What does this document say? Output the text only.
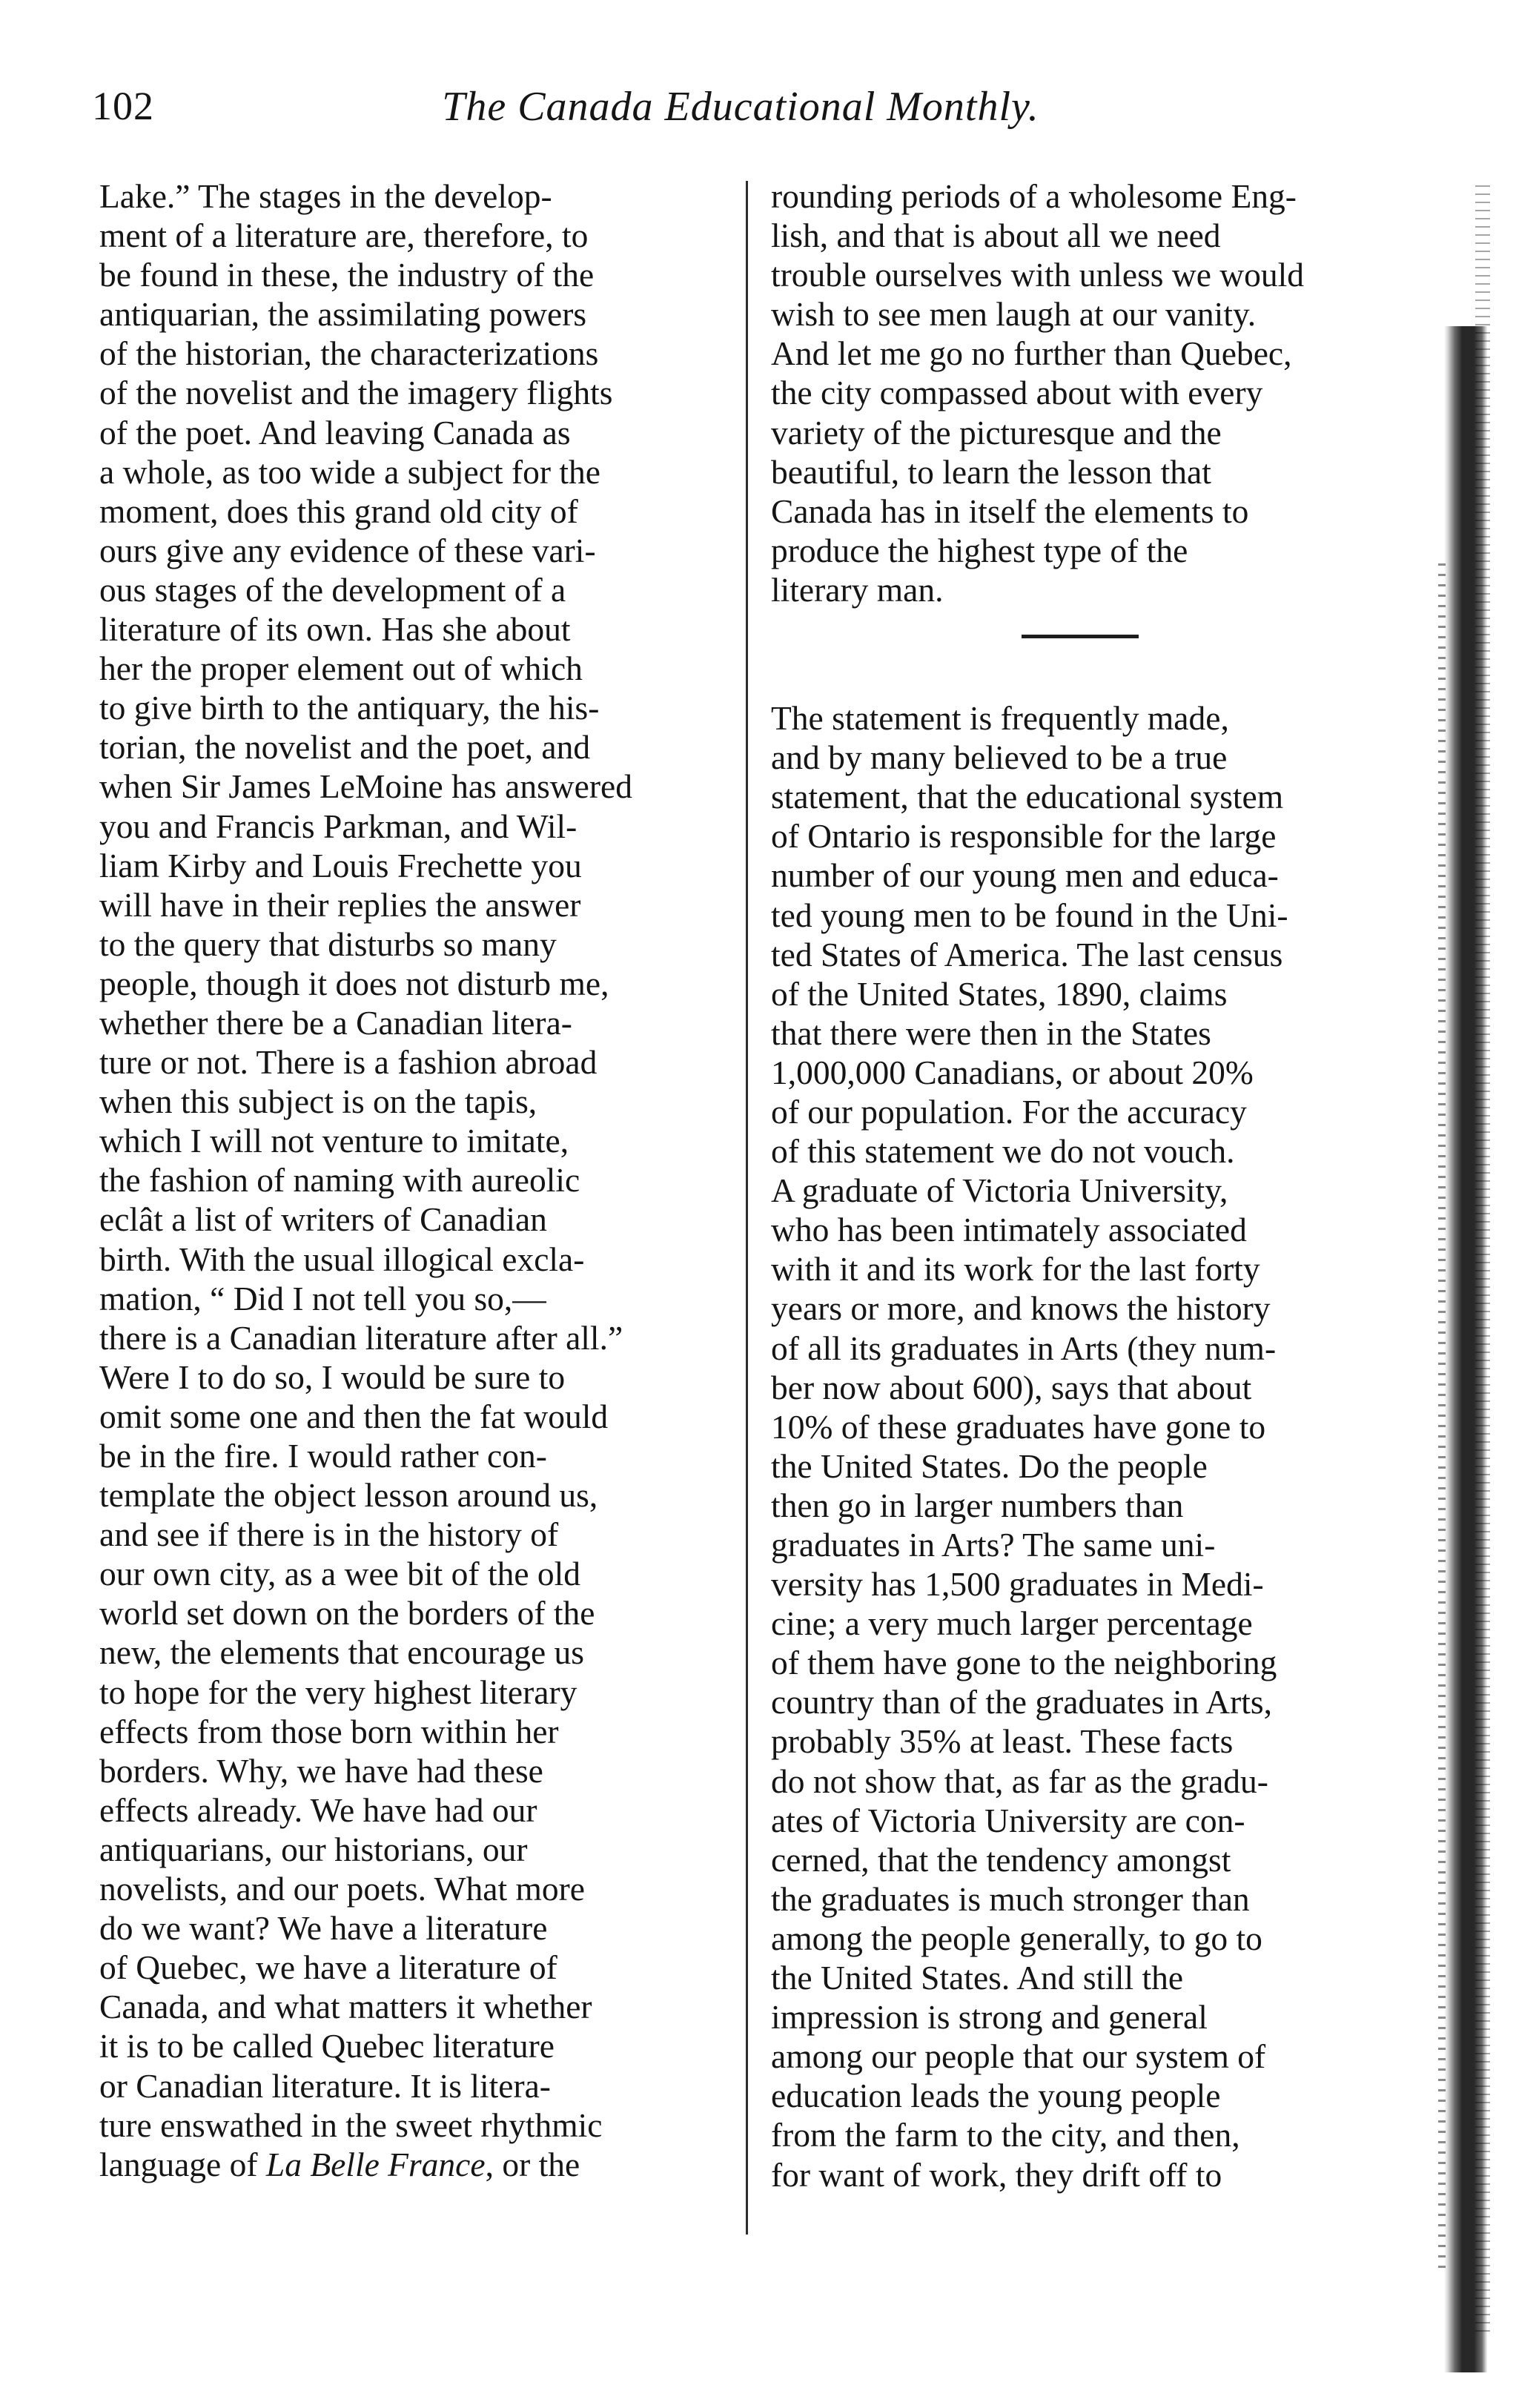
102	The Canada Educational Monthly.
Lake.” The stages in the develop-
ment of a literature are, therefore, to
be found in these, the industry of the
antiquarian, the assimilating powers
of the historian, the characterizations
of the novelist and the imagery flights
of the poet. And leaving Canada as
a whole, as too wide a subject for the
moment, does this grand old city of
ours give any evidence of these vari-
ous stages of the development of a
literature of its own. Has she about
her the proper element out of which
to give birth to the antiquary, the his-
torian, the novelist and the poet, and
when Sir James LeMoine has answered
you and Francis Parkman, and Wil-
liam Kirby and Louis Frechette you
will have in their replies the answer
to the query that disturbs so many
people, though it does not disturb me,
whether there be a Canadian litera-
ture or not. There is a fashion abroad
when this subject is on the tapis,
which I will not venture to imitate,
the fashion of naming with aureolic
eclât a list of writers of Canadian
birth. With the usual illogical excla-
mation, “ Did I not tell you so,—
there is a Canadian literature after all.”
Were I to do so, I would be sure to
omit some one and then the fat would
be in the fire. I would rather con-
template the object lesson around us,
and see if there is in the history of
our own city, as a wee bit of the old
world set down on the borders of the
new, the elements that encourage us
to hope for the very highest literary
effects from those born within her
borders. Why, we have had these
effects already. We have had our
antiquarians, our historians, our
novelists, and our poets. What more
do we want? We have a literature
of Quebec, we have a literature of
Canada, and what matters it whether
it is to be called Quebec literature
or Canadian literature. It is litera-
ture enswathed in the sweet rhythmic
language of La Belle France, or the
rounding periods of a wholesome Eng-
lish, and that is about all we need
trouble ourselves with unless we would
wish to see men laugh at our vanity.
And let me go no further than Quebec,
the city compassed about with every
variety of the picturesque and the
beautiful, to learn the lesson that
Canada has in itself the elements to
produce the highest type of the
literary man.
The statement is frequently made,
and by many believed to be a true
statement, that the educational system
of Ontario is responsible for the large
number of our young men and educa-
ted young men to be found in the Uni-
ted States of America. The last census
of the United States, 1890, claims
that there were then in the States
1,000,000 Canadians, or about 20%
of our population. For the accuracy
of this statement we do not vouch.
A graduate of Victoria University,
who has been intimately associated
with it and its work for the last forty
years or more, and knows the history
of all its graduates in Arts (they num-
ber now about 600), says that about
10% of these graduates have gone to
the United States. Do the people
then go in larger numbers than
graduates in Arts? The same uni-
versity has 1,500 graduates in Medi-
cine; a very much larger percentage
of them have gone to the neighboring
country than of the graduates in Arts,
probably 35% at least. These facts
do not show that, as far as the gradu-
ates of Victoria University are con-
cerned, that the tendency amongst
the graduates is much stronger than
among the people generally, to go to
the United States. And still the
impression is strong and general
among our people that our system of
education leads the young people
from the farm to the city, and then,
for want of work, they drift off to
